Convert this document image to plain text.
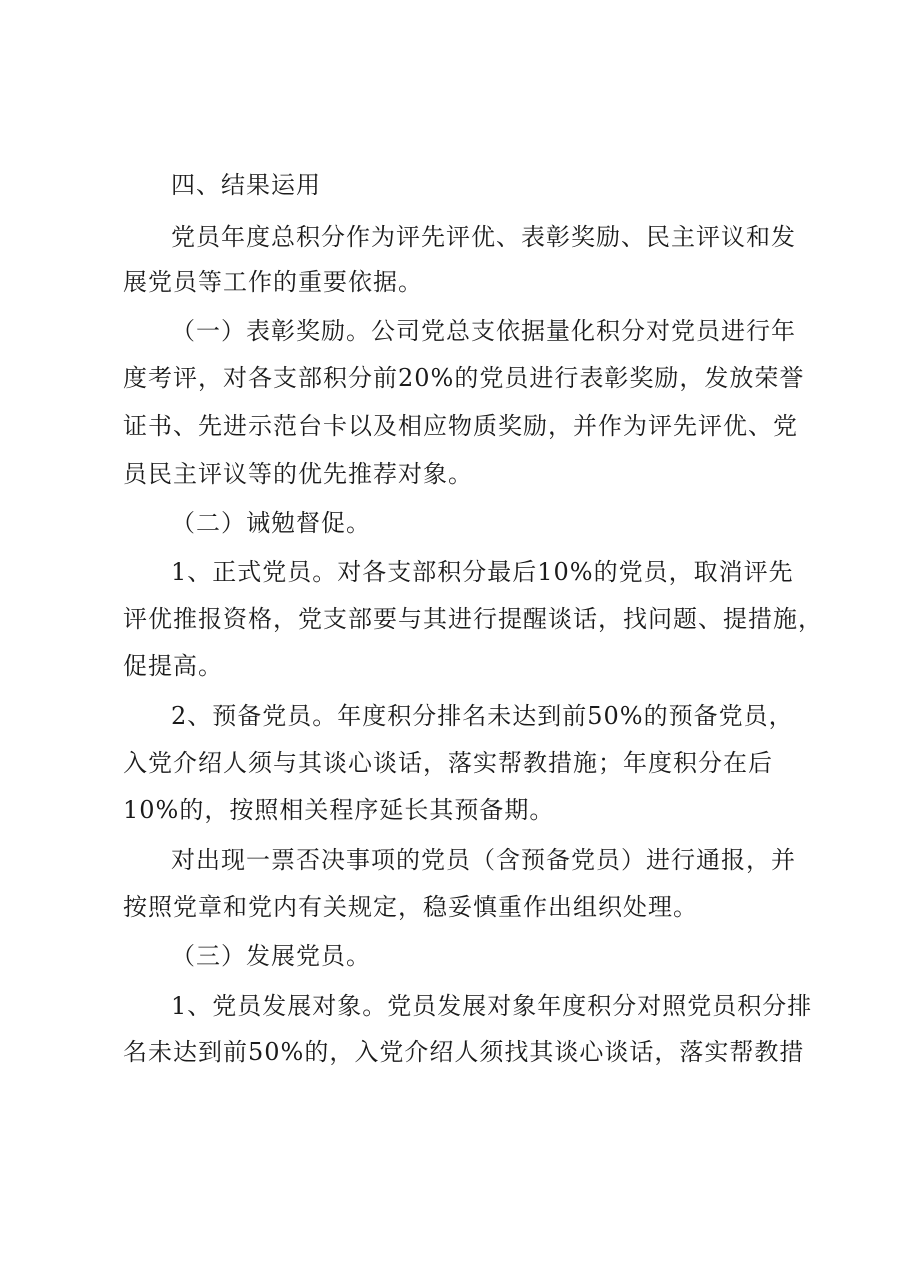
四、结果运用
党员年度总积分作为评先评优、表彰奖励、民主评议和发
展党员等工作的重要依据。
（一）表彰奖励。公司党总支依据量化积分对党员进行年
度考评，对各支部积分前20%的党员进行表彰奖励，发放荣誉
证书、先进示范台卡以及相应物质奖励，并作为评先评优、党
员民主评议等的优先推荐对象。
（二）诫勉督促。
1、正式党员。对各支部积分最后10%的党员，取消评先
评优推报资格，党支部要与其进行提醒谈话，找问题、提措施，
促提高。
2、预备党员。年度积分排名未达到前50%的预备党员，
入党介绍人须与其谈心谈话，落实帮教措施；年度积分在后
10%的，按照相关程序延长其预备期。
对出现一票否决事项的党员（含预备党员）进行通报，并
按照党章和党内有关规定，稳妥慎重作出组织处理。
（三）发展党员。
1、党员发展对象。党员发展对象年度积分对照党员积分排
名未达到前50%的，入党介绍人须找其谈心谈话，落实帮教措
